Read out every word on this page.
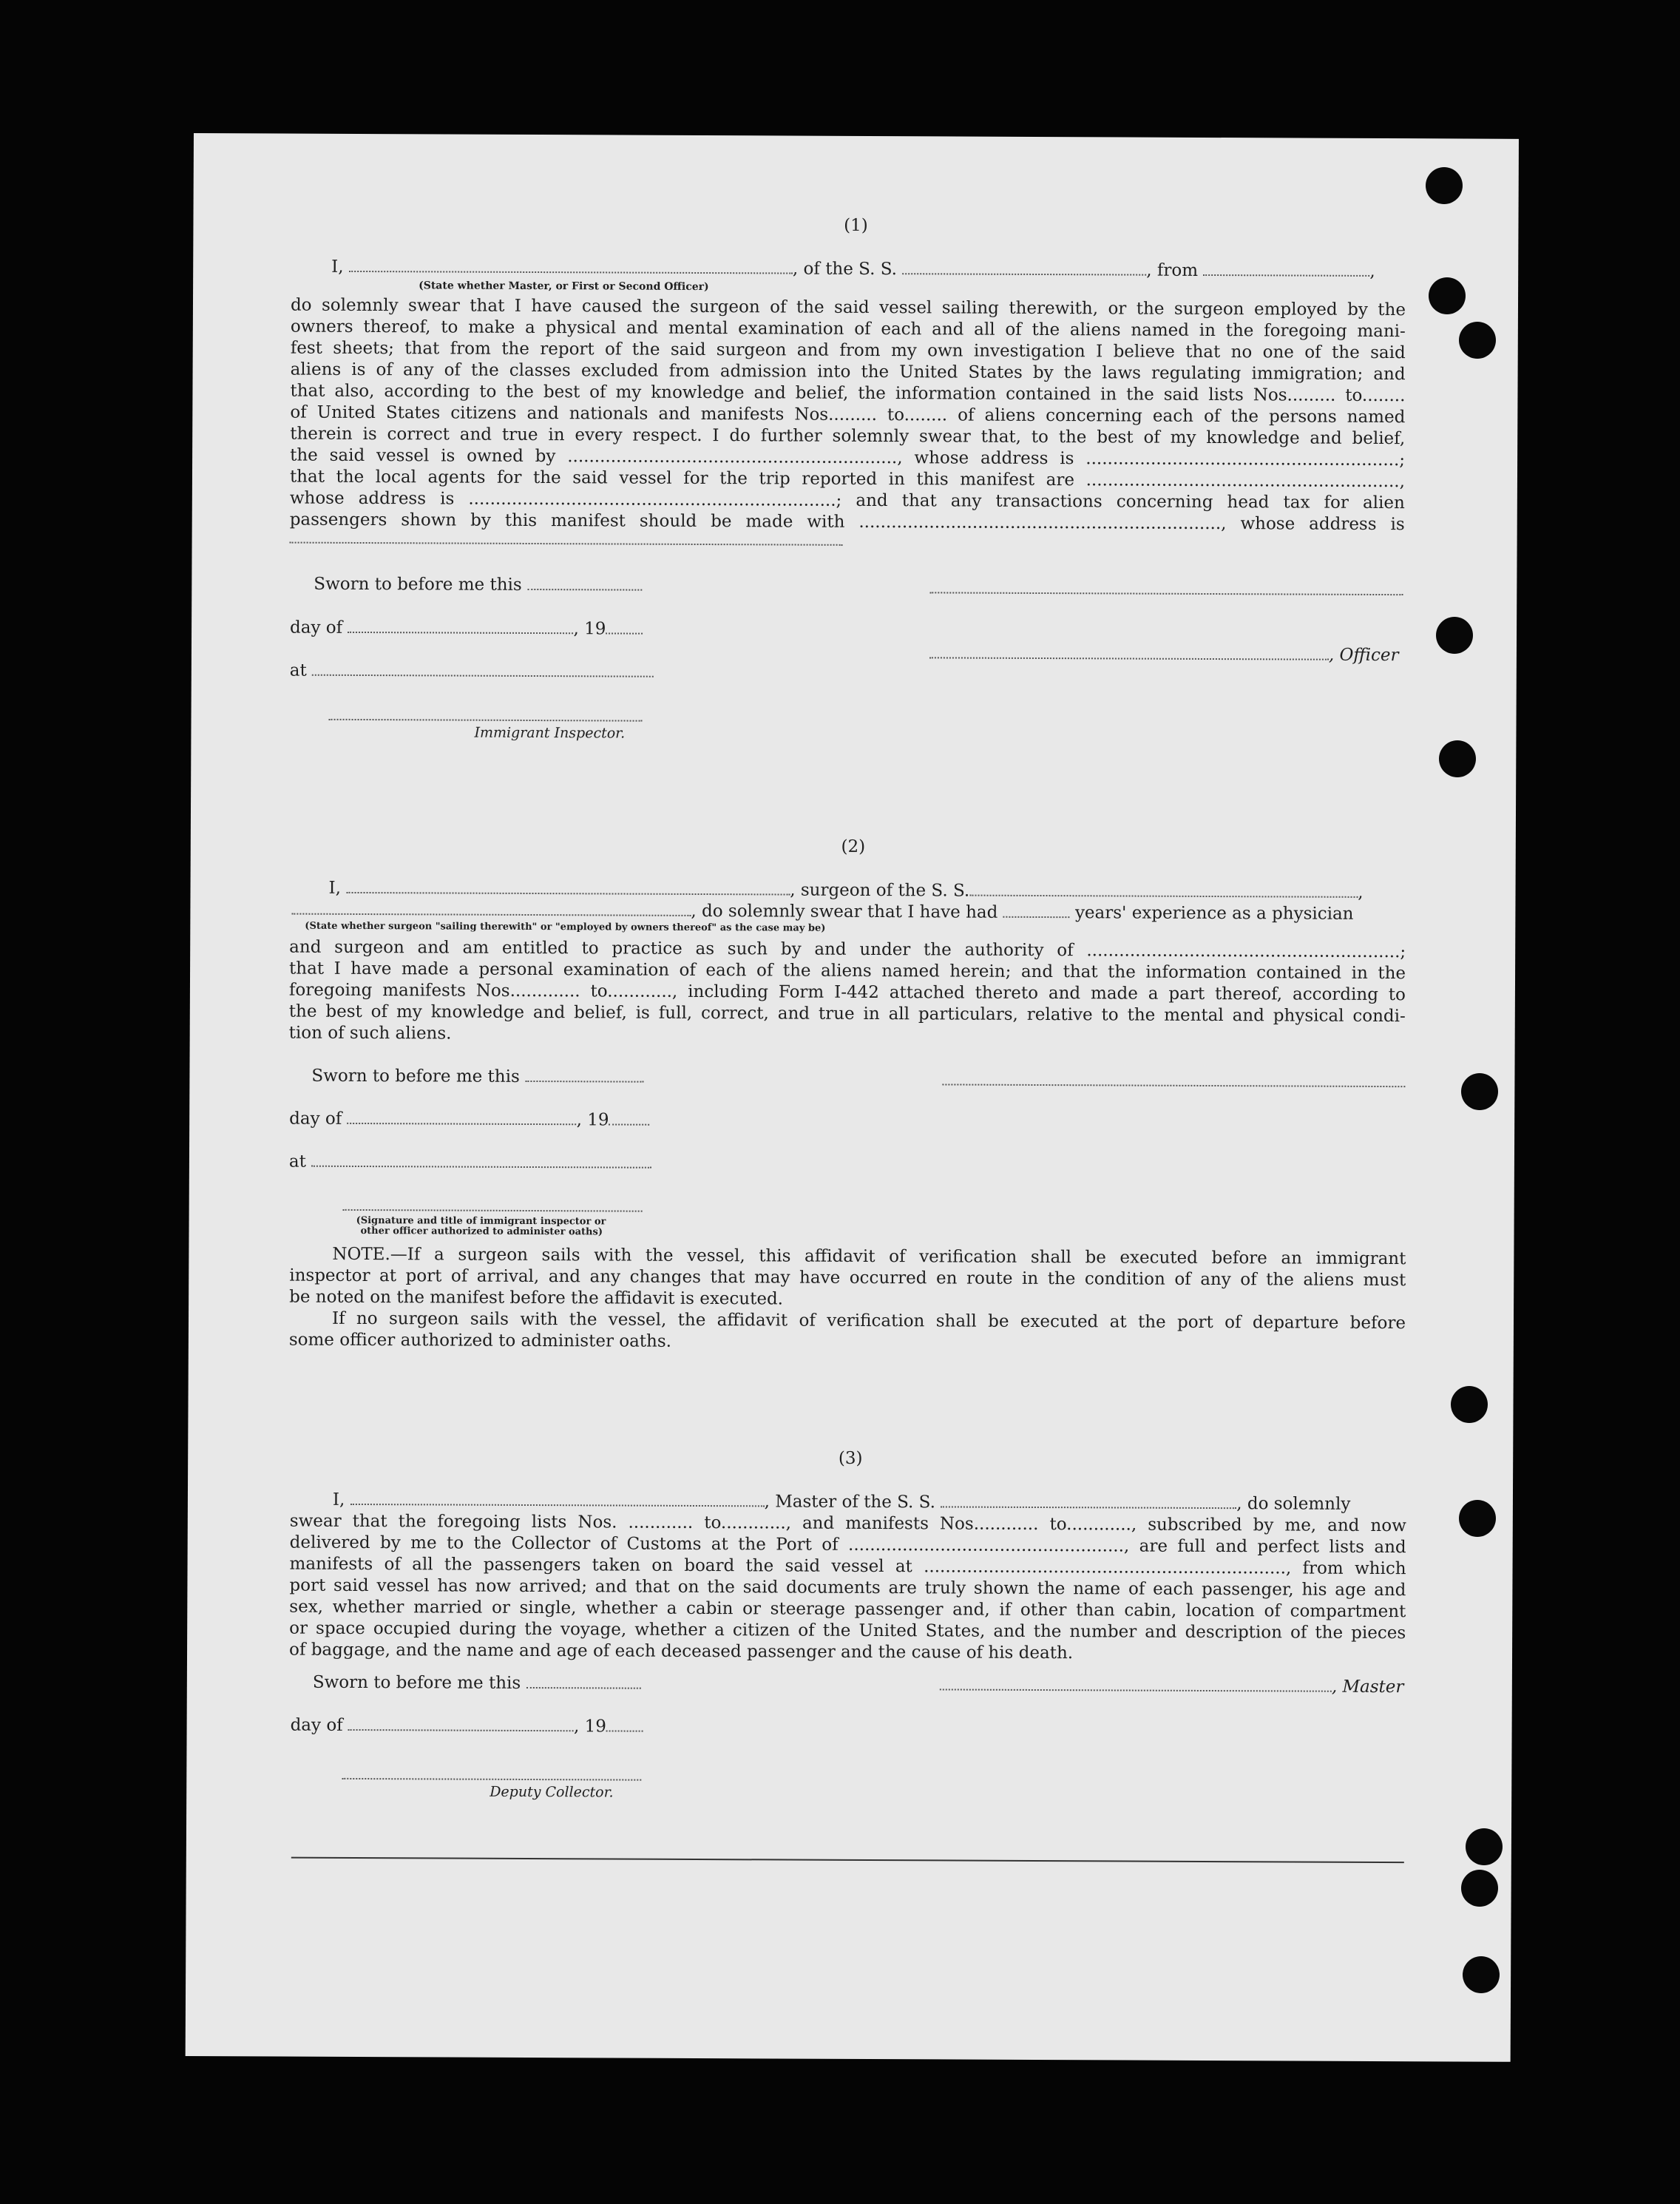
(1)
I,	, of the S. S.	, from	,
(State whether Master, or First or Second Officer)
do solemnly swear that I have caused the surgeon of the said vessel sailing therewith, or the surgeon employed by the
owners thereof, to make a physical and mental examination of each and all of the aliens named in the foregoing mani-
fest sheets; that from the report of the said surgeon and from my own investigation I believe that no one of the said
aliens is of any of the classes excluded from admission into the United States by the laws regulating immigration; and
that also, according to the best of my knowledge and belief, the information contained in the said lists Nos......... to........
of United States citizens and nationals and manifests Nos......... to........ of aliens concerning each of the persons named
therein is correct and true in every respect. I do further solemnly swear that, to the best of my knowledge and belief,
the said vessel is owned by ............................................................., whose address is ..........................................................;
that the local agents for the said vessel for the trip reported in this manifest are ..........................................................,
whose address is ....................................................................; and that any transactions concerning head tax for alien
passengers shown by this manifest should be made with ..................................................................., whose address is
Sworn to before me this
day of	, 19
, Officer
at
Immigrant Inspector.
(2)
I,	, surgeon of the S. S.	,
, do solemnly swear that I have had	years' experience as a physician
(State whether surgeon "sailing therewith" or "employed by owners thereof" as the case may be)
and surgeon and am entitled to practice as such by and under the authority of ..........................................................;
that I have made a personal examination of each of the aliens named herein; and that the information contained in the
foregoing manifests Nos............. to............, including Form I-442 attached thereto and made a part thereof, according to
the best of my knowledge and belief, is full, correct, and true in all particulars, relative to the mental and physical condi-
tion of such aliens.
Sworn to before me this
day of	, 19
at
(Signature and title of immigrant inspector or
other officer authorized to administer oaths)
NOTE.—If a surgeon sails with the vessel, this affidavit of verification shall be executed before an immigrant
inspector at port of arrival, and any changes that may have occurred en route in the condition of any of the aliens must
be noted on the manifest before the affidavit is executed.
If no surgeon sails with the vessel, the affidavit of verification shall be executed at the port of departure before
some officer authorized to administer oaths.
(3)
I,	, Master of the S. S.	, do solemnly
swear that the foregoing lists Nos. ............ to............, and manifests Nos............ to............, subscribed by me, and now
delivered by me to the Collector of Customs at the Port of ..................................................., are full and perfect lists and
manifests of all the passengers taken on board the said vessel at ..................................................................., from which
port said vessel has now arrived; and that on the said documents are truly shown the name of each passenger, his age and
sex, whether married or single, whether a cabin or steerage passenger and, if other than cabin, location of compartment
or space occupied during the voyage, whether a citizen of the United States, and the number and description of the pieces
of baggage, and the name and age of each deceased passenger and the cause of his death.
Sworn to before me this	, Master
day of	, 19
Deputy Collector.
